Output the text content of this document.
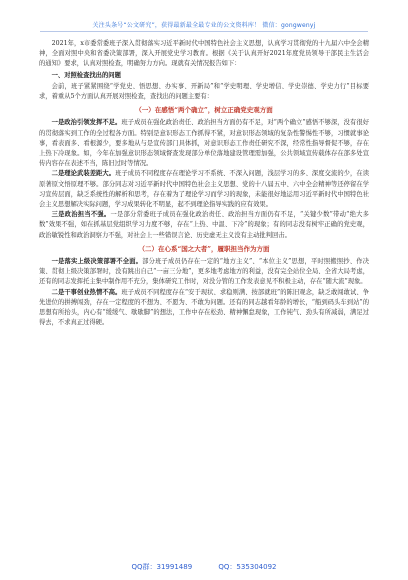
关注头条号“公文研究”，获得最新最全最专业的公文资料库！ 微信：gongwenyj

2021年，x市委常委班子深入贯彻落实习近平新时代中国特色社会主义思想，认真学习贯彻党的十九届六中全会精神，全面对照中央和省委决策部署，深入开展党史学习教育。根据《关于认真开好2021年度党员领导干部民主生活会的通知》要求，认真对照检查，明确努力方向。现就有关情况报告如下：

一、对照检查找出的问题

会前，班子紧紧围绕“学党史、悟思想、办实事、开新局”和“学史明理、学史增信、学史崇德、学史力行”目标要求，着重从5个方面认真开展对照检查，查找出的问题主要有：

（一）在感悟“两个确立”，树立正确党史观方面

一是政治引领发挥不足。班子成员在强化政治责任、政治担当方面仍有不足，对“两个确立”感悟不够深，没有很好的贯彻落实到工作的全过程各方面。特别是意识形态工作抓得不紧，对意识形态领域的复杂性警惕性不够，习惯就事论事，看表面多、看根源少，要多地从与是宣传部门具体抓，对意识形态工作责任研究不深，经常性指导督促不够，存在上热下冷现象。如，今年在加强意识形态领域督查发现部分单位落地建设管理需加强，公共领域宣传载体存在部多处宣传内容存在表述不当，陈旧过时等情况。

二是理论武装差距大。班子成员不同程度存在理论学习不系统、不深入问题，浅层学习的多、深度交流的少，在读原著原文悟原理不够。部分同志对习近平新时代中国特色社会主义思想、党的十八届五中、六中全会精神等还停留在学习宣传层面，缺乏系统性的解析和思考，存在着为了理论学习而学习的现象，未能很好地运用习近平新时代中国特色社会主义思想解决实际问题，学习成果转化不明显，起不到理论指导实践的应有效果。

三是政治担当不强。一是部分常委班子成员在强化政治责任、政治担当方面仍有不足，“关键少数”带动“绝大多数”效果不强，如在抓基层党组织学习力度不够，存在“上热、中温、下冷”的现象；有的同志没有树牢正确的党史观，政治敏锐性和政治洞察力不强，对社会上一些错误言论、历史虚无主义没有主动批判回击。

（二）在心系“国之大者”，履职担当作为方面

一是落实上级决策部署不全面。部分班子成员仍存在一定的“地方主义”、“本位主义”思想，平时照搬照抄、作决策、贯彻上级决策部署时，没有跳出自己“一亩三分地”，更多地考虑地方的利益，没有完全站位全局、全省大局考虑，还有的同志发挥托主集中制作用不充分，集体研究工作时，对没分管的工作发表意见不积极主动，存在“随大流”现象。

二是干事创业热情不高。班子成员不同程度存在“安于现状、求稳则满、按部就班”的陈旧观念，缺乏敢闯敢试、争先进位的拼搏闯劲，存在一定程度的不想为、不愿为、不敢为问题。还有的同志越看年龄的增长，“船到码头车到站”的思想有所抬头，内心有“缓缓气、歇歇脚”的想法，工作中存在松劲、精神懈怠现象，工作钝气、劲头有所减弱，满足过得去，不求真正过得硬。

QQ群：31991489	QQ：535304092
